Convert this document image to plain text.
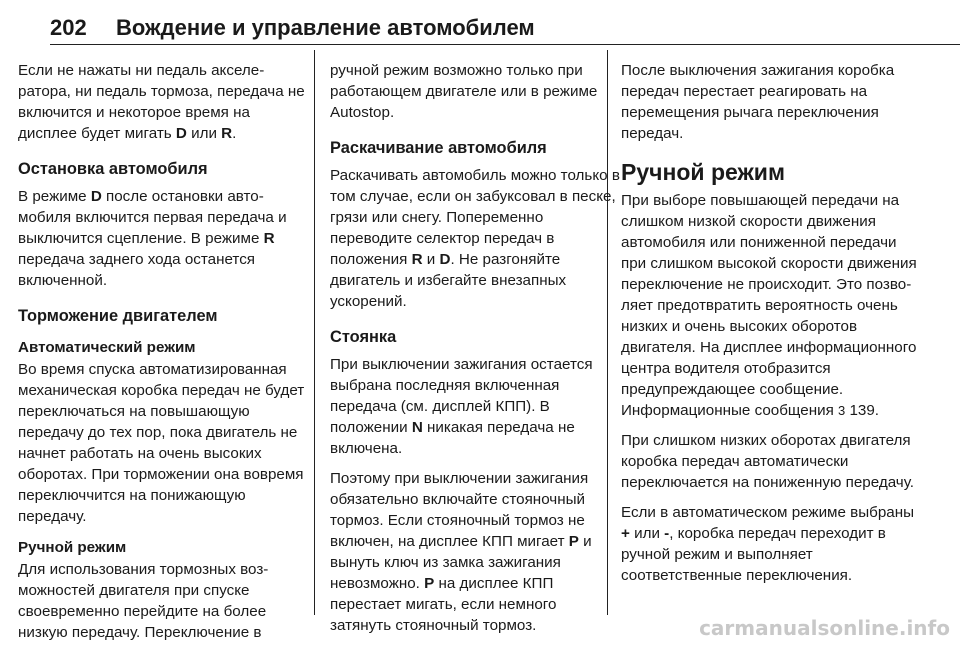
202 Вождение и управление автомобилем

Если не нажаты ни педаль акселератора, ни педаль тормоза, передача не включится и некоторое время на дисплее будет мигать D или R.

Остановка автомобиля

В режиме D после остановки автомобиля включится первая передача и выключится сцепление. В режиме R передача заднего хода останется включенной.

Торможение двигателем
Автоматический режим

Во время спуска автоматизированная механическая коробка передач не будет переключаться на повышающую передачу до тех пор, пока двигатель не начнет работать на очень высоких оборотах. При торможении она вовремя переключчится на понижающую передачу.

Ручной режим

Для использования тормозных возможностей двигателя при спуске своевременно перейдите на более низкую передачу. Переключение в

ручной режим возможно только при работающем двигателе или в режиме Autostop.

Раскачивание автомобиля

Раскачивать автомобиль можно только в том случае, если он забуксовал в песке, грязи или снегу. Попеременно переводите селектор передач в положения R и D. Не разгоняйте двигатель и избегайте внезапных ускорений.

Стоянка

При выключении зажигания остается выбрана последняя включенная передача (см. дисплей КПП). В положении N никакая передача не включена.

Поэтому при выключении зажигания обязательно включайте стояночный тормоз. Если стояночный тормоз не включен, на дисплее КПП мигает P и вынуть ключ из замка зажигания невозможно. P на дисплее КПП перестает мигать, если немного затянуть стояночный тормоз.

После выключения зажигания коробка передач перестает реагировать на перемещения рычага переключения передач.

Ручной режим

При выборе повышающей передачи на слишком низкой скорости движения автомобиля или пониженной передачи при слишком высокой скорости движения переключение не происходит. Это позволяет предотвратить вероятность очень низких и очень высоких оборотов двигателя. На дисплее информационного центра водителя отобразится предупреждающее сообщение. Информационные сообщения 3 139.

При слишком низких оборотах двигателя коробка передач автоматически переключается на пониженную передачу.

Если в автоматическом режиме выбраны + или -, коробка передач переходит в ручной режим и выполняет соответственные переключения.

carmanualsonline.info
